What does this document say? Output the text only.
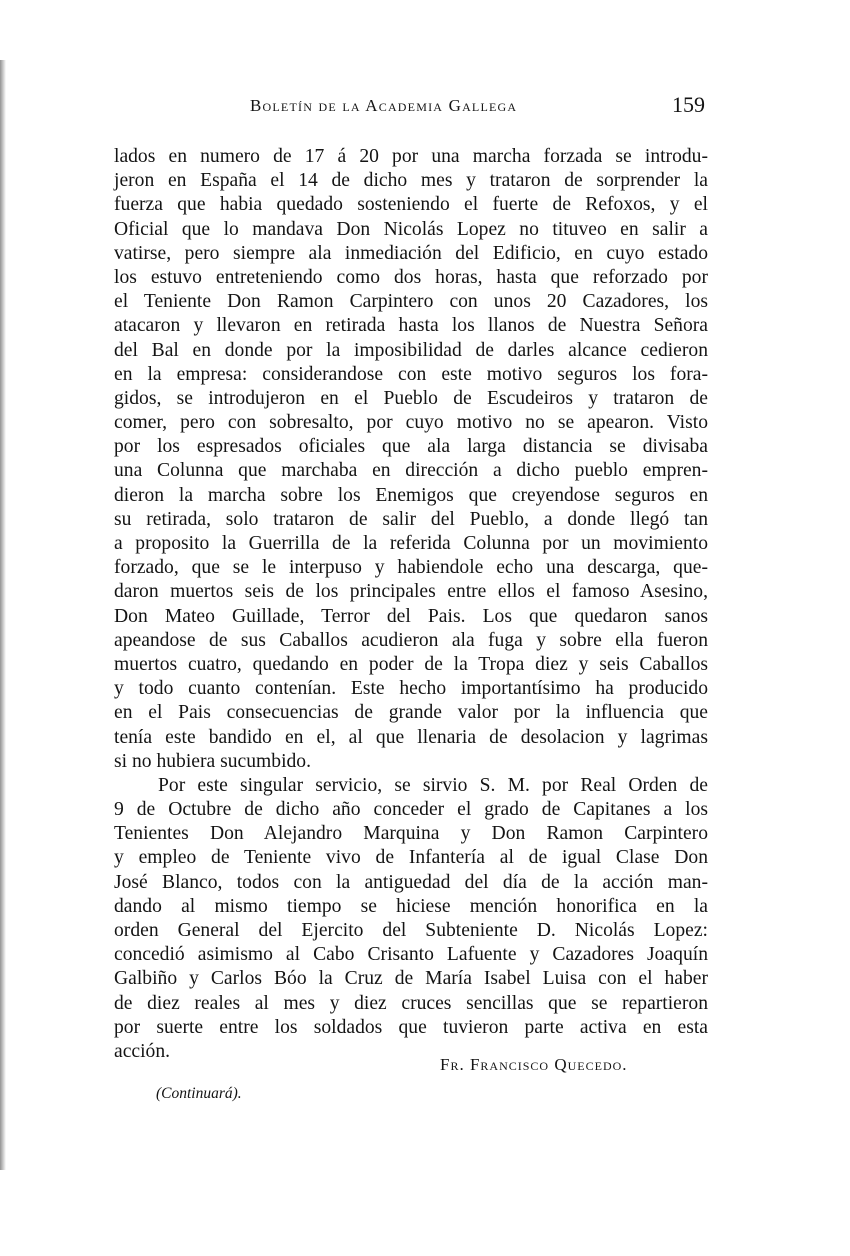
Boletín de la Academia Gallega	159
lados en numero de 17 á 20 por una marcha forzada se introdu-
jeron en España el 14 de dicho mes y trataron de sorprender la
fuerza que habia quedado sosteniendo el fuerte de Refoxos, y el
Oficial que lo mandava Don Nicolás Lopez no tituveo en salir a
vatirse, pero siempre ala inmediación del Edificio, en cuyo estado
los estuvo entreteniendo como dos horas, hasta que reforzado por
el Teniente Don Ramon Carpintero con unos 20 Cazadores, los
atacaron y llevaron en retirada hasta los llanos de Nuestra Señora
del Bal en donde por la imposibilidad de darles alcance cedieron
en la empresa: considerandose con este motivo seguros los fora-
gidos, se introdujeron en el Pueblo de Escudeiros y trataron de
comer, pero con sobresalto, por cuyo motivo no se apearon. Visto
por los espresados oficiales que ala larga distancia se divisaba
una Colunna que marchaba en dirección a dicho pueblo empren-
dieron la marcha sobre los Enemigos que creyendose seguros en
su retirada, solo trataron de salir del Pueblo, a donde llegó tan
a proposito la Guerrilla de la referida Colunna por un movimiento
forzado, que se le interpuso y habiendole echo una descarga, que-
daron muertos seis de los principales entre ellos el famoso Asesino,
Don Mateo Guillade, Terror del Pais. Los que quedaron sanos
apeandose de sus Caballos acudieron ala fuga y sobre ella fueron
muertos cuatro, quedando en poder de la Tropa diez y seis Caballos
y todo cuanto contenían. Este hecho importantísimo ha producido
en el Pais consecuencias de grande valor por la influencia que
tenía este bandido en el, al que llenaria de desolacion y lagrimas
si no hubiera sucumbido.
Por este singular servicio, se sirvio S. M. por Real Orden de
9 de Octubre de dicho año conceder el grado de Capitanes a los
Tenientes Don Alejandro Marquina y Don Ramon Carpintero
y empleo de Teniente vivo de Infantería al de igual Clase Don
José Blanco, todos con la antiguedad del día de la acción man-
dando al mismo tiempo se hiciese mención honorifica en la
orden General del Ejercito del Subteniente D. Nicolás Lopez:
concedió asimismo al Cabo Crisanto Lafuente y Cazadores Joaquín
Galbiño y Carlos Bóo la Cruz de María Isabel Luisa con el haber
de diez reales al mes y diez cruces sencillas que se repartieron
por suerte entre los soldados que tuvieron parte activa en esta
acción.
Fr. Francisco Quecedo.
(Continuará).
